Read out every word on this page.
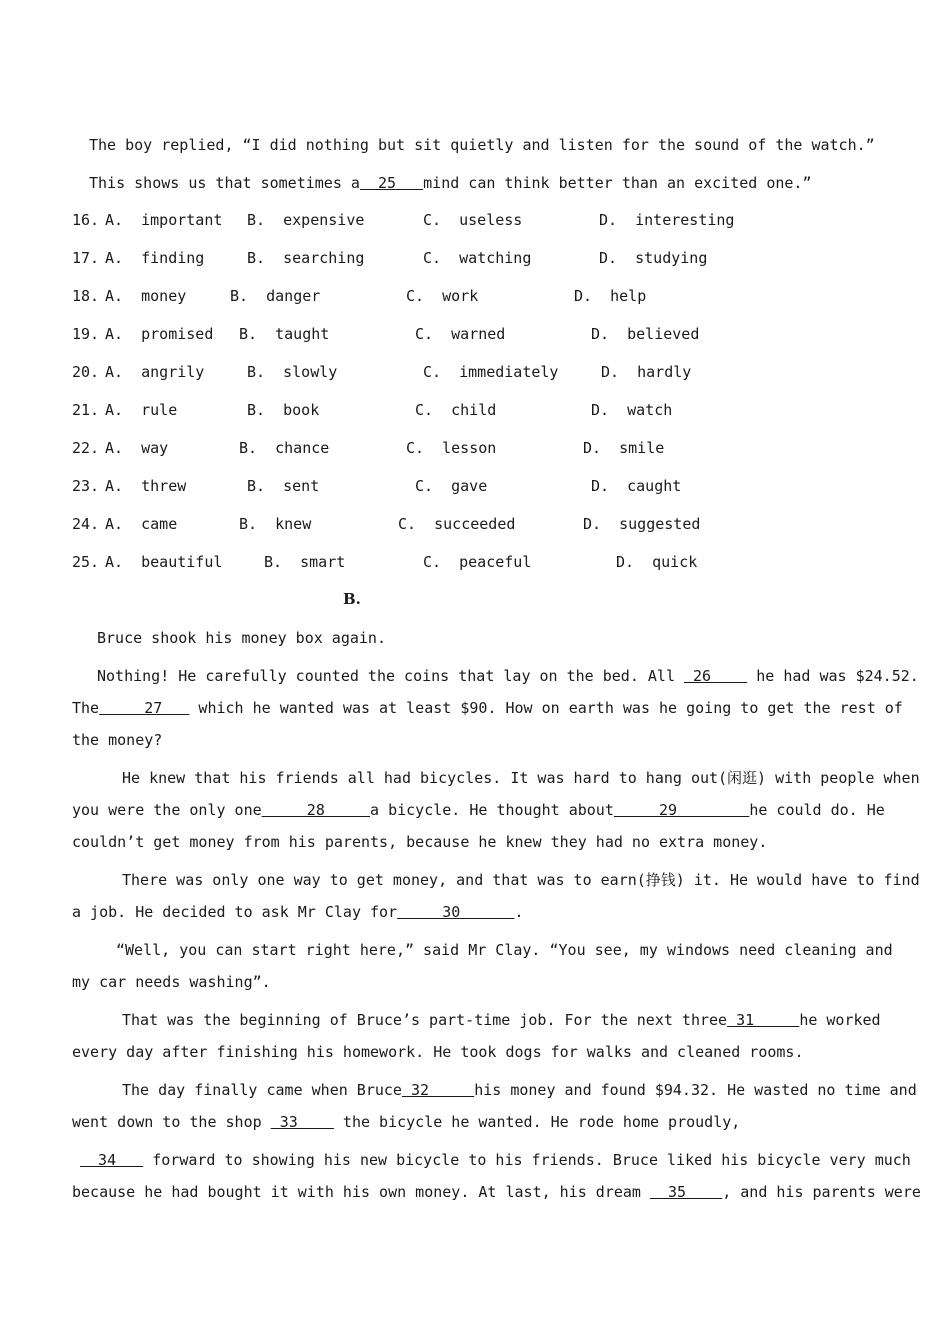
The boy replied, “I did nothing but sit quietly and listen for the sound of the watch.”
This shows us that sometimes a  25   mind can think better than an excited one.”
16. A.  important B.  expensive	C.  useless	D.  interesting
17. A.  finding	B.  searching	C.  watching	D.  studying
18. A.  money	B.  danger	C.  work	D.  help
19. A.  promised B.  taught	C.  warned	D.  believed
20. A.  angrily	B.  slowly	C.  immediately	D.  hardly
21. A.  rule	B.  book	C.  child	D.  watch
22. A.  way	B.  chance	C.  lesson	D.  smile
23. A.  threw	B.  sent	C.  gave	D.  caught
24. A.  came	B.  knew	C.  succeeded	D.  suggested
25. A.  beautiful	B.  smart	C.  peaceful	D.  quick
B.
Bruce shook his money box again.
Nothing! He carefully counted the coins that lay on the bed. All  26     he had was $24.52.
The     27    which he wanted was at least $90. How on earth was he going to get the rest of
the money?
He knew that his friends all had bicycles. It was hard to hang out(闲逛) with people when
you were the only one     28     a bicycle. He thought about     29        he could do. He
couldn’t get money from his parents, because he knew they had no extra money.
There was only one way to get money, and that was to earn(挣钱) it. He would have to find
a job. He decided to ask Mr Clay for     30      .
“Well, you can start right here,” said Mr Clay. “You see, my windows need cleaning and
my car needs washing”.
That was the beginning of Bruce’s part-time job. For the next three 31     he worked
every day after finishing his homework. He took dogs for walks and cleaned rooms.
The day finally came when Bruce 32     his money and found $94.32. He wasted no time and
went down to the shop  33     the bicycle he wanted. He rode home proudly,
34    forward to showing his new bicycle to his friends. Bruce liked his bicycle very much
because he had bought it with his own money. At last, his dream   35    , and his parents were
